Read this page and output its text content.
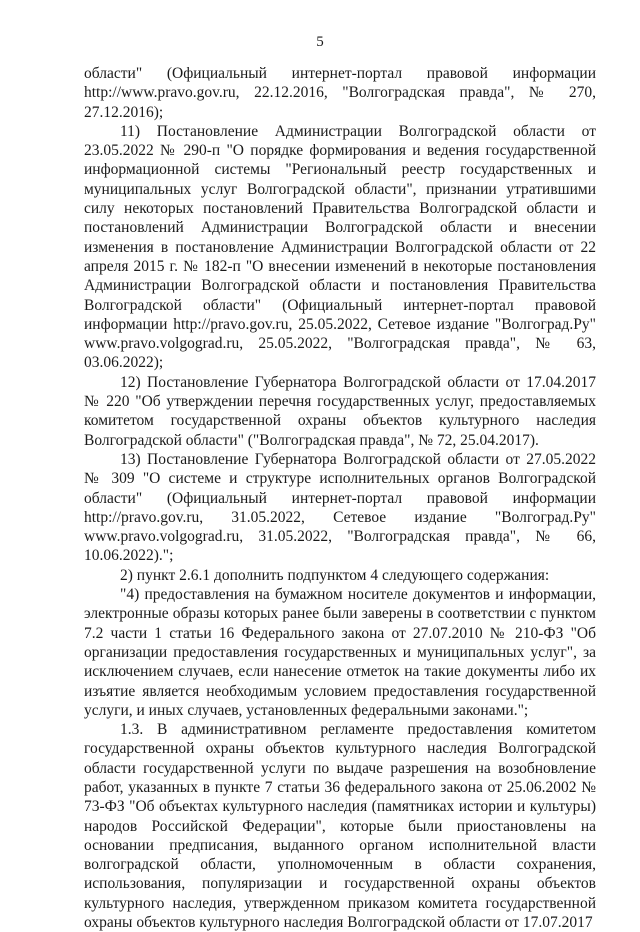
5

области" (Официальный интернет-портал правовой информации http://www.pravo.gov.ru, 22.12.2016, "Волгоградская правда", № 270, 27.12.2016);

11) Постановление Администрации Волгоградской области от 23.05.2022 № 290-п "О порядке формирования и ведения государственной информационной системы "Региональный реестр государственных и муниципальных услуг Волгоградской области", признании утратившими силу некоторых постановлений Правительства Волгоградской области и постановлений Администрации Волгоградской области и внесении изменения в постановление Администрации Волгоградской области от 22 апреля 2015 г. № 182-п "О внесении изменений в некоторые постановления Администрации Волгоградской области и постановления Правительства Волгоградской области" (Официальный интернет-портал правовой информации http://pravo.gov.ru, 25.05.2022, Сетевое издание "Волгоград.Ру" www.pravo.volgograd.ru, 25.05.2022, "Волгоградская правда", № 63, 03.06.2022);

12) Постановление Губернатора Волгоградской области от 17.04.2017 № 220 "Об утверждении перечня государственных услуг, предоставляемых комитетом государственной охраны объектов культурного наследия Волгоградской области" ("Волгоградская правда", № 72, 25.04.2017).

13) Постановление Губернатора Волгоградской области от 27.05.2022 № 309 "О системе и структуре исполнительных органов Волгоградской области" (Официальный интернет-портал правовой информации http://pravo.gov.ru, 31.05.2022, Сетевое издание "Волгоград.Ру" www.pravo.volgograd.ru, 31.05.2022, "Волгоградская правда", № 66, 10.06.2022).";

2) пункт 2.6.1 дополнить подпунктом 4 следующего содержания:

"4) предоставления на бумажном носителе документов и информации, электронные образы которых ранее были заверены в соответствии с пунктом 7.2 части 1 статьи 16 Федерального закона от 27.07.2010 № 210-ФЗ "Об организации предоставления государственных и муниципальных услуг", за исключением случаев, если нанесение отметок на такие документы либо их изъятие является необходимым условием предоставления государственной услуги, и иных случаев, установленных федеральными законами.";

1.3. В административном регламенте предоставления комитетом государственной охраны объектов культурного наследия Волгоградской области государственной услуги по выдаче разрешения на возобновление работ, указанных в пункте 7 статьи 36 федерального закона от 25.06.2002 № 73-ФЗ "Об объектах культурного наследия (памятниках истории и культуры) народов Российской Федерации", которые были приостановлены на основании предписания, выданного органом исполнительной власти волгоградской области, уполномоченным в области сохранения, использования, популяризации и государственной охраны объектов культурного наследия, утвержденном приказом комитета государственной охраны объектов культурного наследия Волгоградской области от 17.07.2017
